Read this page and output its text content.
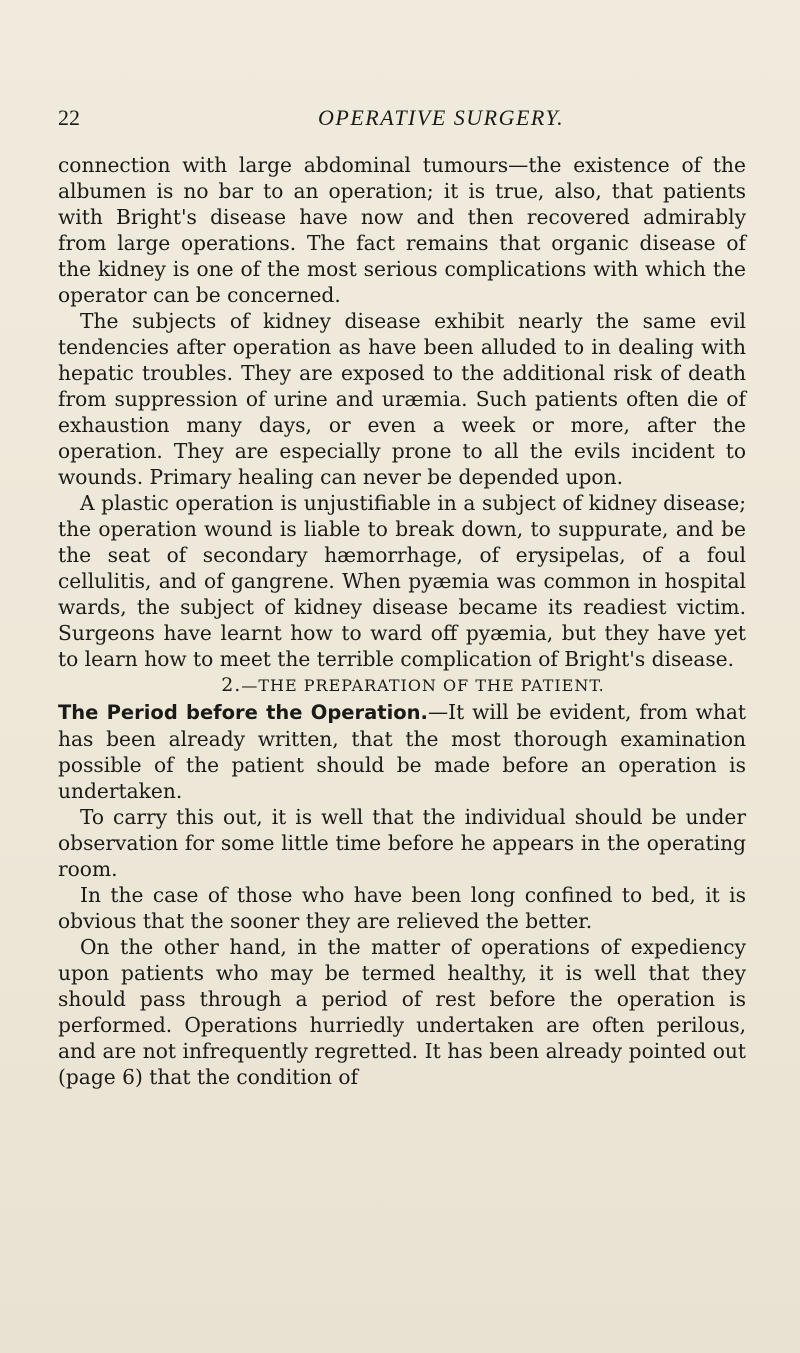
22	OPERATIVE SURGERY.

connection with large abdominal tumours—the existence of the albumen is no bar to an operation; it is true, also, that patients with Bright's disease have now and then recovered admirably from large operations. The fact remains that organic disease of the kidney is one of the most serious complications with which the operator can be concerned.

The subjects of kidney disease exhibit nearly the same evil tendencies after operation as have been alluded to in dealing with hepatic troubles. They are exposed to the additional risk of death from suppression of urine and uræmia. Such patients often die of exhaustion many days, or even a week or more, after the operation. They are especially prone to all the evils incident to wounds. Primary healing can never be depended upon.

A plastic operation is unjustifiable in a subject of kidney disease; the operation wound is liable to break down, to suppurate, and be the seat of secondary hæmorrhage, of erysipelas, of a foul cellulitis, and of gangrene. When pyæmia was common in hospital wards, the subject of kidney disease became its readiest victim. Surgeons have learnt how to ward off pyæmia, but they have yet to learn how to meet the terrible complication of Bright's disease.

2.—THE PREPARATION OF THE PATIENT.

The Period before the Operation.—It will be evident, from what has been already written, that the most thorough examination possible of the patient should be made before an operation is undertaken.

To carry this out, it is well that the individual should be under observation for some little time before he appears in the operating room.

In the case of those who have been long confined to bed, it is obvious that the sooner they are relieved the better.

On the other hand, in the matter of operations of expediency upon patients who may be termed healthy, it is well that they should pass through a period of rest before the operation is performed. Operations hurriedly undertaken are often perilous, and are not infrequently regretted. It has been already pointed out (page 6) that the condition of
